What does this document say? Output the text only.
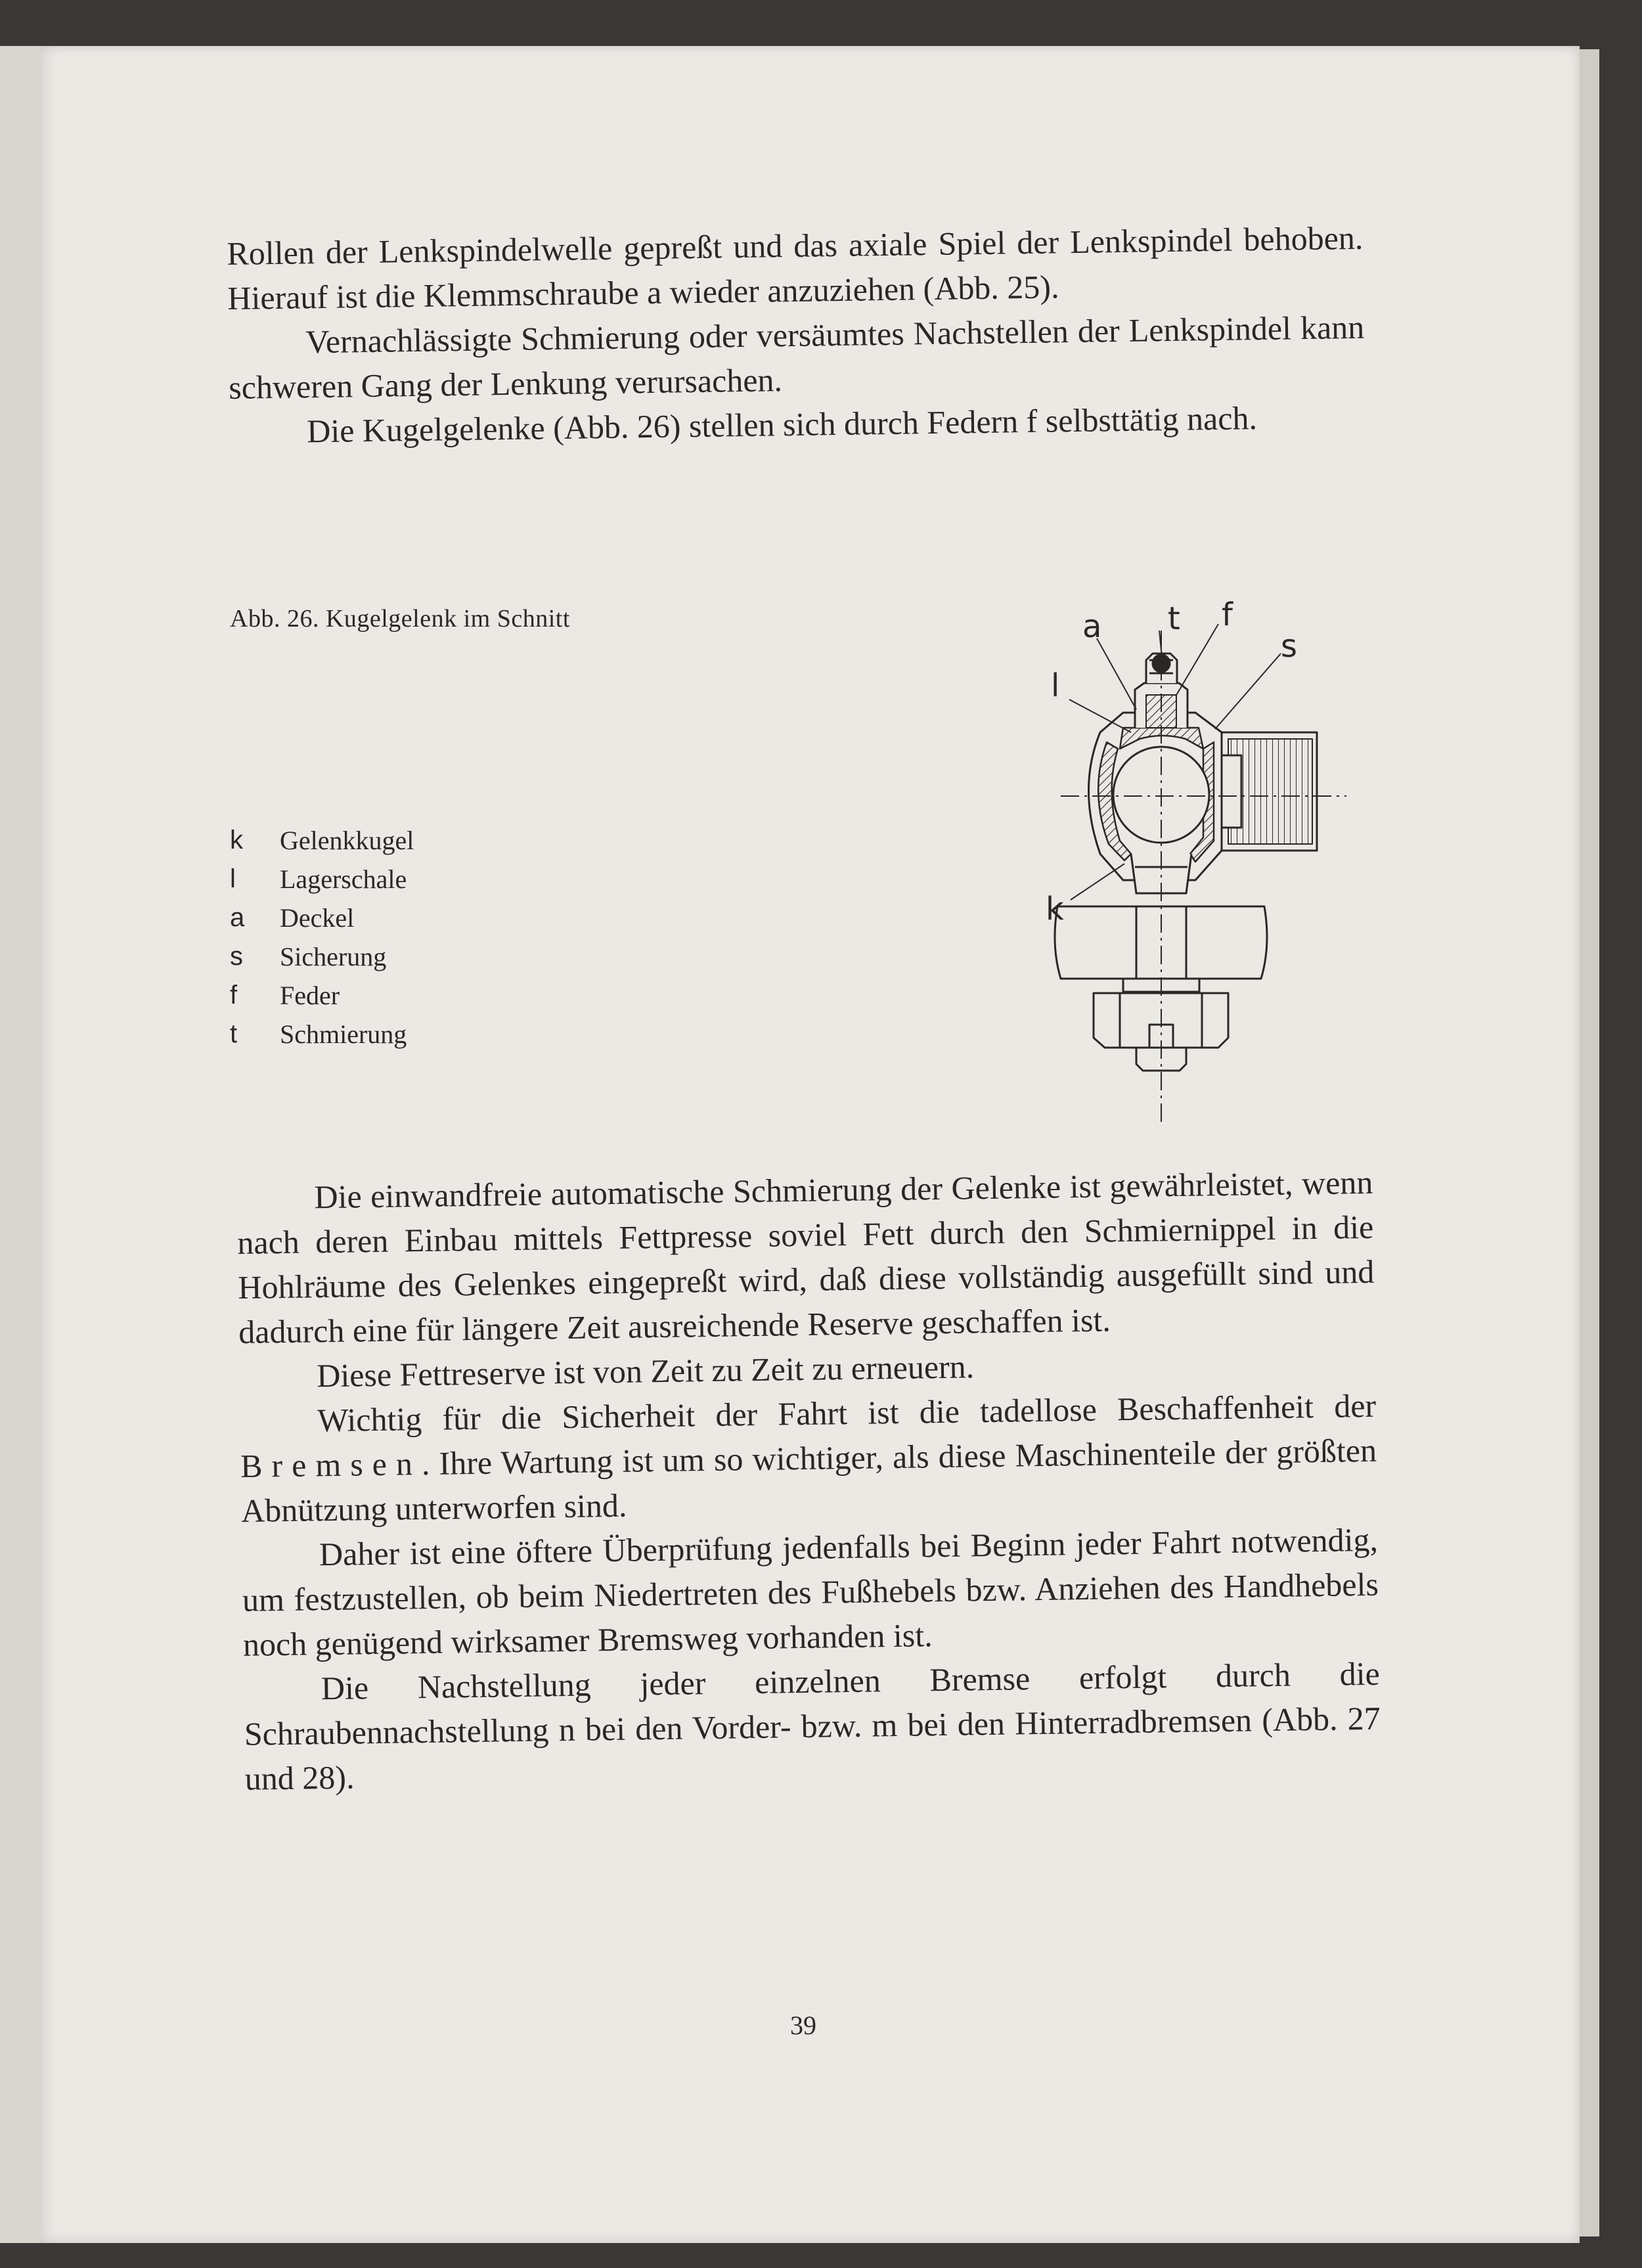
Rollen der Lenkspindelwelle gepreßt und das axiale Spiel der Lenkspindel behoben. Hierauf ist die Klemmschraube a wieder anzuziehen (Abb. 25).

Vernachlässigte Schmierung oder versäumtes Nachstellen der Lenkspindel kann schweren Gang der Lenkung verursachen.

Die Kugelgelenke (Abb. 26) stellen sich durch Federn f selbsttätig nach.

Abb. 26. Kugelgelenk im Schnitt
k	Gelenkkugel
l	Lagerschale
a	Deckel
s	Sicherung
f	Feder
t	Schmierung
a t f
s
l
k

Die einwandfreie automatische Schmierung der Gelenke ist gewährleistet, wenn nach deren Einbau mittels Fettpresse soviel Fett durch den Schmiernippel in die Hohlräume des Gelenkes eingepreßt wird, daß diese vollständig ausgefüllt sind und dadurch eine für längere Zeit ausreichende Reserve geschaffen ist.

Diese Fettreserve ist von Zeit zu Zeit zu erneuern.

Wichtig für die Sicherheit der Fahrt ist die tadellose Beschaffenheit der Bremsen. Ihre Wartung ist um so wichtiger, als diese Maschinenteile der größten Abnützung unterworfen sind.

Daher ist eine öftere Überprüfung jedenfalls bei Beginn jeder Fahrt notwendig, um festzustellen, ob beim Niedertreten des Fußhebels bzw. Anziehen des Handhebels noch genügend wirksamer Bremsweg vorhanden ist.

Die Nachstellung jeder einzelnen Bremse erfolgt durch die Schraubennachstellung n bei den Vorder- bzw. m bei den Hinterradbremsen (Abb. 27 und 28).

39
